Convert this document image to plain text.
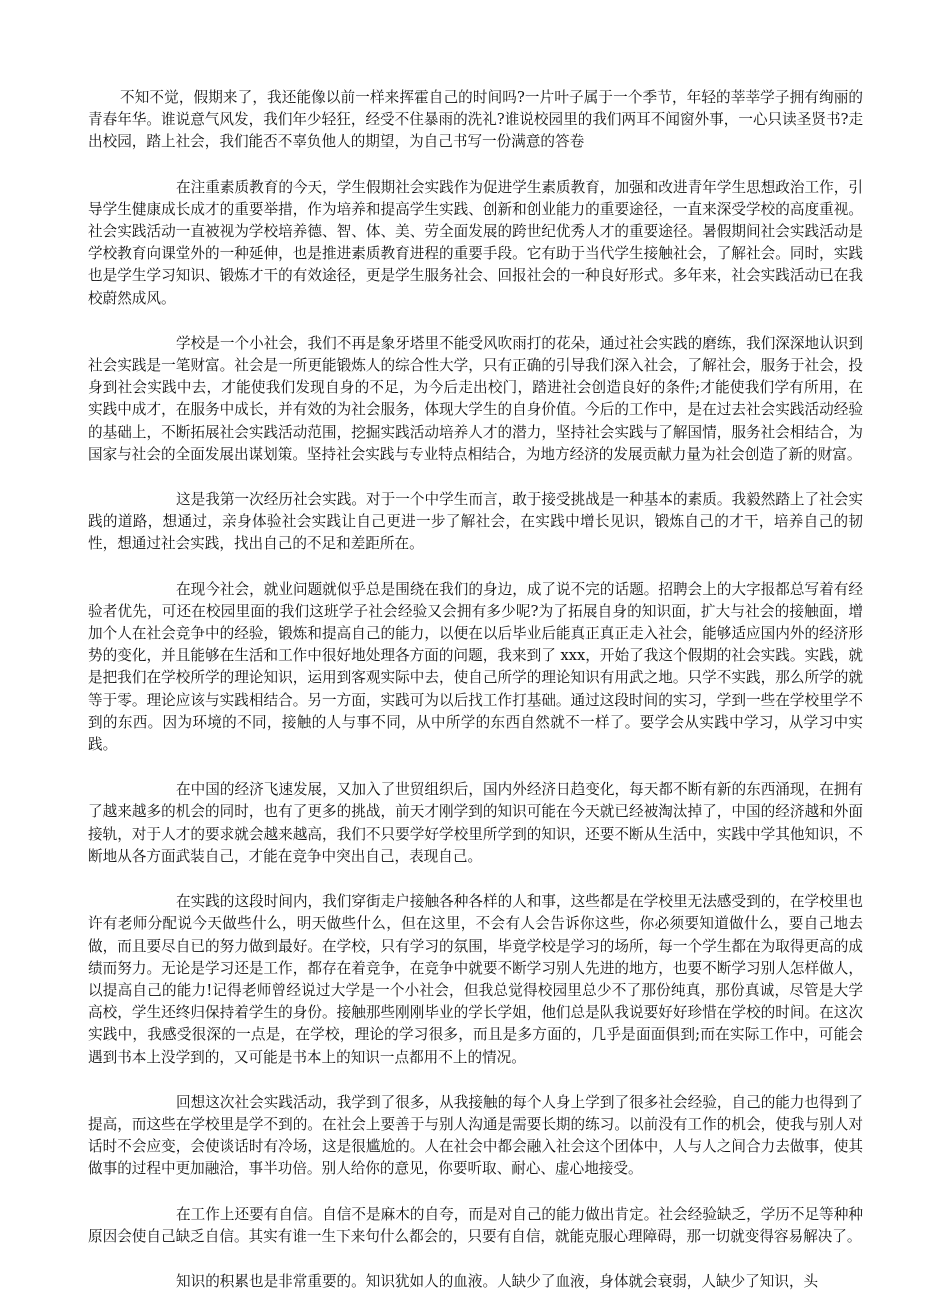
不知不觉，假期来了，我还能像以前一样来挥霍自己的时间吗?一片叶子属于一个季节，年轻的莘莘学子拥有绚丽的青春年华。谁说意气风发，我们年少轻狂，经受不住暴雨的洗礼?谁说校园里的我们两耳不闻窗外事，一心只读圣贤书?走出校园，踏上社会，我们能否不辜负他人的期望，为自己书写一份满意的答卷

在注重素质教育的今天，学生假期社会实践作为促进学生素质教育，加强和改进青年学生思想政治工作，引导学生健康成长成才的重要举措，作为培养和提高学生实践、创新和创业能力的重要途径，一直来深受学校的高度重视。社会实践活动一直被视为学校培养德、智、体、美、劳全面发展的跨世纪优秀人才的重要途径。暑假期间社会实践活动是学校教育向课堂外的一种延伸，也是推进素质教育进程的重要手段。它有助于当代学生接触社会，了解社会。同时，实践也是学生学习知识、锻炼才干的有效途径，更是学生服务社会、回报社会的一种良好形式。多年来，社会实践活动已在我校蔚然成风。

学校是一个小社会，我们不再是象牙塔里不能受风吹雨打的花朵，通过社会实践的磨练，我们深深地认识到社会实践是一笔财富。社会是一所更能锻炼人的综合性大学，只有正确的引导我们深入社会，了解社会，服务于社会，投身到社会实践中去，才能使我们发现自身的不足，为今后走出校门，踏进社会创造良好的条件;才能使我们学有所用，在实践中成才，在服务中成长，并有效的为社会服务，体现大学生的自身价值。今后的工作中，是在过去社会实践活动经验的基础上，不断拓展社会实践活动范围，挖掘实践活动培养人才的潜力，坚持社会实践与了解国情，服务社会相结合，为国家与社会的全面发展出谋划策。坚持社会实践与专业特点相结合，为地方经济的发展贡献力量为社会创造了新的财富。

这是我第一次经历社会实践。对于一个中学生而言，敢于接受挑战是一种基本的素质。我毅然踏上了社会实践的道路，想通过，亲身体验社会实践让自己更进一步了解社会，在实践中增长见识，锻炼自己的才干，培养自己的韧性，想通过社会实践，找出自己的不足和差距所在。

在现今社会，就业问题就似乎总是围绕在我们的身边，成了说不完的话题。招聘会上的大字报都总写着有经验者优先，可还在校园里面的我们这班学子社会经验又会拥有多少呢?为了拓展自身的知识面，扩大与社会的接触面，增加个人在社会竞争中的经验，锻炼和提高自己的能力，以便在以后毕业后能真正真正走入社会，能够适应国内外的经济形势的变化，并且能够在生活和工作中很好地处理各方面的问题，我来到了 xxx，开始了我这个假期的社会实践。实践，就是把我们在学校所学的理论知识，运用到客观实际中去，使自己所学的理论知识有用武之地。只学不实践，那么所学的就等于零。理论应该与实践相结合。另一方面，实践可为以后找工作打基础。通过这段时间的实习，学到一些在学校里学不到的东西。因为环境的不同，接触的人与事不同，从中所学的东西自然就不一样了。要学会从实践中学习，从学习中实践。

在中国的经济飞速发展，又加入了世贸组织后，国内外经济日趋变化，每天都不断有新的东西涌现，在拥有了越来越多的机会的同时，也有了更多的挑战，前天才刚学到的知识可能在今天就已经被淘汰掉了，中国的经济越和外面接轨，对于人才的要求就会越来越高，我们不只要学好学校里所学到的知识，还要不断从生活中，实践中学其他知识，不断地从各方面武装自己，才能在竞争中突出自己，表现自己。

在实践的这段时间内，我们穿街走户接触各种各样的人和事，这些都是在学校里无法感受到的，在学校里也许有老师分配说今天做些什么，明天做些什么，但在这里，不会有人会告诉你这些，你必须要知道做什么，要自己地去做，而且要尽自已的努力做到最好。在学校，只有学习的氛围，毕竟学校是学习的场所，每一个学生都在为取得更高的成绩而努力。无论是学习还是工作，都存在着竞争，在竞争中就要不断学习别人先进的地方，也要不断学习别人怎样做人，以提高自己的能力!记得老师曾经说过大学是一个小社会，但我总觉得校园里总少不了那份纯真，那份真诚，尽管是大学高校，学生还终归保持着学生的身份。接触那些刚刚毕业的学长学姐，他们总是队我说要好好珍惜在学校的时间。在这次实践中，我感受很深的一点是，在学校，理论的学习很多，而且是多方面的，几乎是面面俱到;而在实际工作中，可能会遇到书本上没学到的，又可能是书本上的知识一点都用不上的情况。

回想这次社会实践活动，我学到了很多，从我接触的每个人身上学到了很多社会经验，自己的能力也得到了提高，而这些在学校里是学不到的。在社会上要善于与别人沟通是需要长期的练习。以前没有工作的机会，使我与别人对话时不会应变，会使谈话时有冷场，这是很尴尬的。人在社会中都会融入社会这个团体中，人与人之间合力去做事，使其做事的过程中更加融洽，事半功倍。别人给你的意见，你要听取、耐心、虚心地接受。

在工作上还要有自信。自信不是麻木的自夸，而是对自己的能力做出肯定。社会经验缺乏，学历不足等种种原因会使自己缺乏自信。其实有谁一生下来句什么都会的，只要有自信，就能克服心理障碍，那一切就变得容易解决了。

知识的积累也是非常重要的。知识犹如人的血液。人缺少了血液，身体就会衰弱，人缺少了知识，头
